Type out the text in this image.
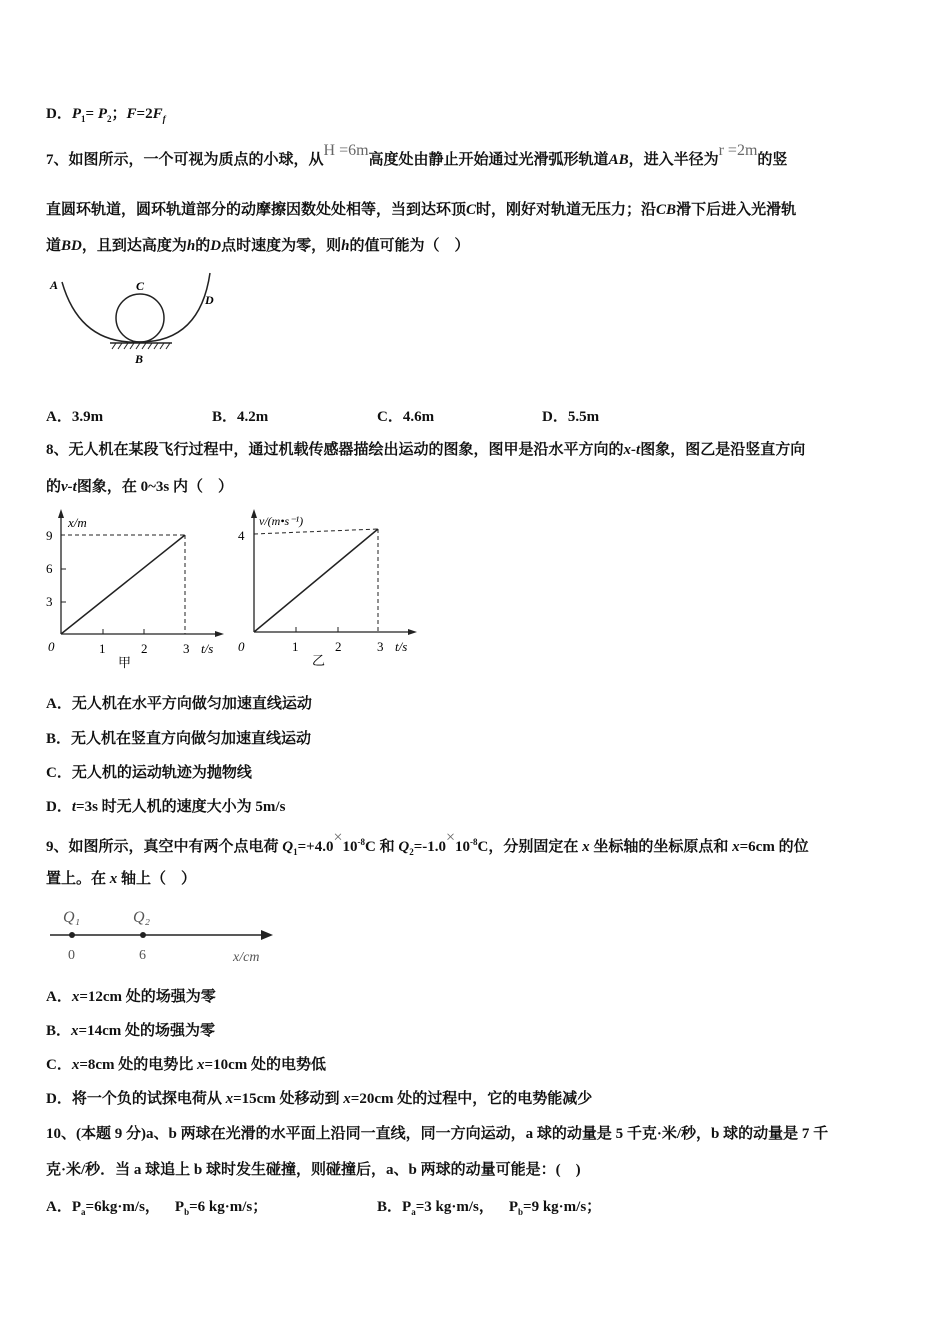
D．$P_1= P_2$；$F=2F_f$
7、如图所示，一个可视为质点的小球，从H =6m高度处由静止开始通过光滑弧形轨道AB，进入半径为r =2m的竖
直圆环轨道，圆环轨道部分的动摩擦因数处处相等，当到达环顶C时，刚好对轨道无压力；沿CB滑下后进入光滑轨
道BD，且到达高度为h的D点时速度为零，则h的值可能为（　）
8、无人机在某段飞行过程中，通过机载传感器描绘出运动的图象，图甲是沿水平方向的x-t图象，图乙是沿竖直方向
的v-t图象，在 0~3s 内（　）
A．无人机在水平方向做匀加速直线运动
B．无人机在竖直方向做匀加速直线运动
C．无人机的运动轨迹为抛物线
D．t=3s 时无人机的速度大小为 5m/s
9、如图所示，真空中有两个点电荷 $Q_1=+4.0\times 10^{-8}C$ 和 $Q_2=-1.0\times 10^{-8}C$，分别固定在 x 坐标轴的坐标原点和 x=6cm 的位
置上。在 x 轴上（　）
A．x=12cm 处的场强为零
B．x=14cm 处的场强为零
C．x=8cm 处的电势比 x=10cm 处的电势低
D．将一个负的试探电荷从 x=15cm 处移动到 x=20cm 处的过程中，它的电势能减少
10、(本题 9 分)a、b 两球在光滑的水平面上沿同一直线，同一方向运动，a 球的动量是 5 千克·米/秒，b 球的动量是 7 千
克·米/秒．当 a 球追上 b 球时发生碰撞，则碰撞后，a、b 两球的动量可能是：(　)
A．3.9m	B．4.2m	C．4.6m	D．5.5m
A．$P_a=6kg\cdot m/s$， $P_b=6$ kg·m/s；	B．$P_a=3$ kg·m/s， $P_b=9$ kg·m/s；
A	C
D
B
x/m
9
6
3
0	1	2	3 t/s
甲
v/(m•s⁻¹)
4
0	1	2	3 t/s
乙
Q₁	Q₂
0	6	x/cm
